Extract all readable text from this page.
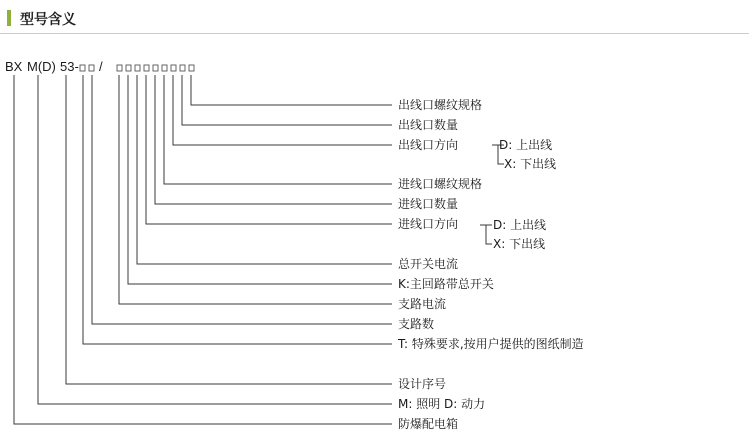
型号含义
BX M(D) 53- /
出线口螺纹规格
出线口数量
出线口方向
进线口螺纹规格
进线口数量
进线口方向
总开关电流
K:主回路带总开关
支路电流
支路数
T: 特殊要求,按用户提供的图纸制造
设计序号
M: 照明 D: 动力
防爆配电箱
D: 上出线
X: 下出线
D: 上出线
X: 下出线
